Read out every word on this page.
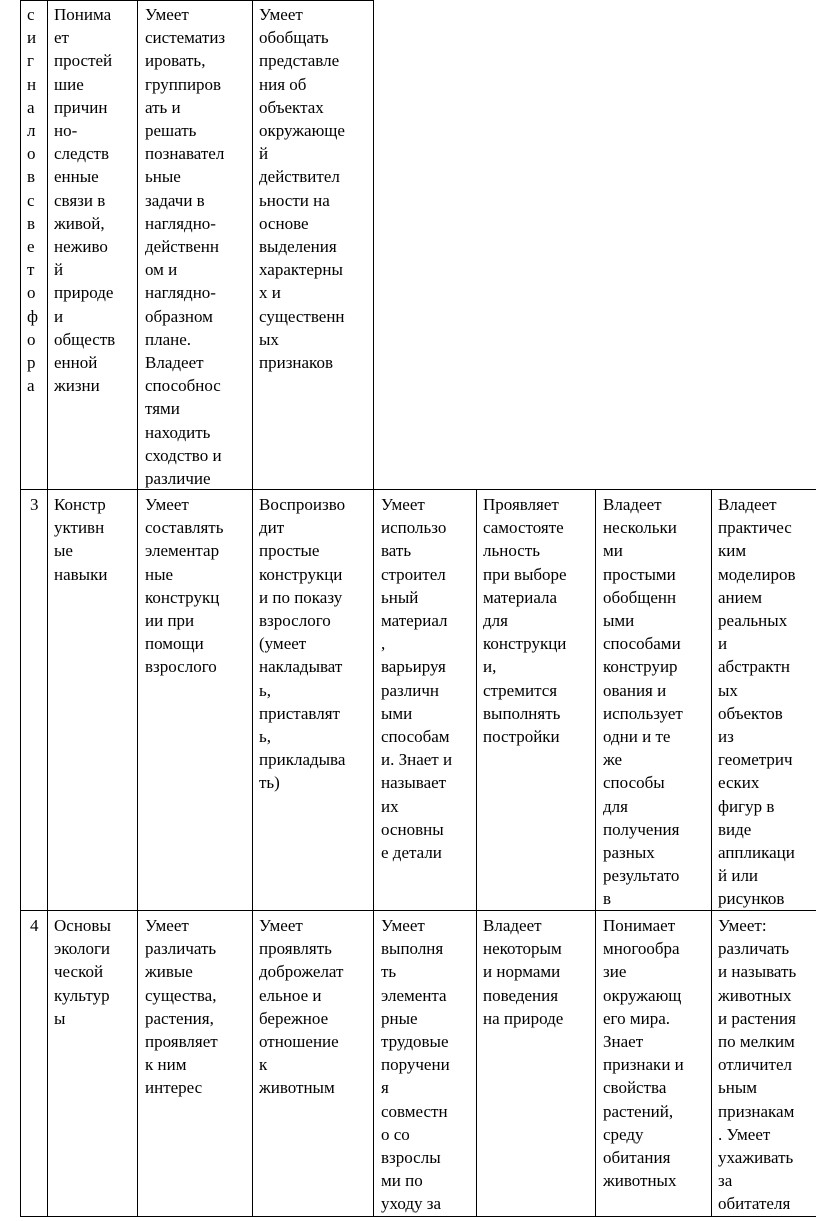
с
и
г
н
а
л
о
в
с
в
е
т
о
ф
о
р
а
Понима
ет
простей
шие
причин
но-
следств
енные
связи в
живой,
неживо
й
природе
и
обществ
енной
жизни
Умеет
систематиз
ировать,
группиров
ать и
решать
познавател
ьные
задачи в
наглядно-
действенн
ом и
наглядно-
образном
плане.
Владеет
способнос
тями
находить
сходство и
различие
Умеет
обобщать
представле
ния об
объектах
окружающе
й
действител
ьности на
основе
выделения
характерны
х и
существенн
ых
признаков
3 Констр
уктивн
ые
навыки
Умеет
составлять
элементар
ные
конструкц
ии при
помощи
взрослого
Воспроизво
дит
простые
конструкци
и по показу
взрослого
(умеет
накладыват
ь,
приставлят
ь,
прикладыва
ть)
Умеет
использо
вать
строител
ьный
материал
,
варьируя
различн
ыми
способам
и. Знает и
называет
их
основны
е детали
Проявляет
самостояте
льность
при выборе
материала
для
конструкци
и,
стремится
выполнять
постройки
Владеет
нескольки
ми
простыми
обобщенн
ыми
способами
конструир
ования и
использует
одни и те
же
способы
для
получения
разных
результато
в
Владеет
практичес
ким
моделиров
анием
реальных
и
абстрактн
ых
объектов
из
геометрич
еских
фигур в
виде
аппликаци
й или
рисунков
4 Основы
экологи
ческой
культур
ы
Умеет
различать
живые
существа,
растения,
проявляет
к ним
интерес
Умеет
проявлять
доброжелат
ельное и
бережное
отношение
к
животным
Умеет
выполня
ть
элемента
рные
трудовые
поручени
я
совместн
о со
взрослы
ми по
уходу за
Владеет
некоторым
и нормами
поведения
на природе
Понимает
многообра
зие
окружающ
его мира.
Знает
признаки и
свойства
растений,
среду
обитания
животных
Умеет:
различать
и называть
животных
и растения
по мелким
отличител
ьным
признакам
. Умеет
ухаживать
за
обитателя
